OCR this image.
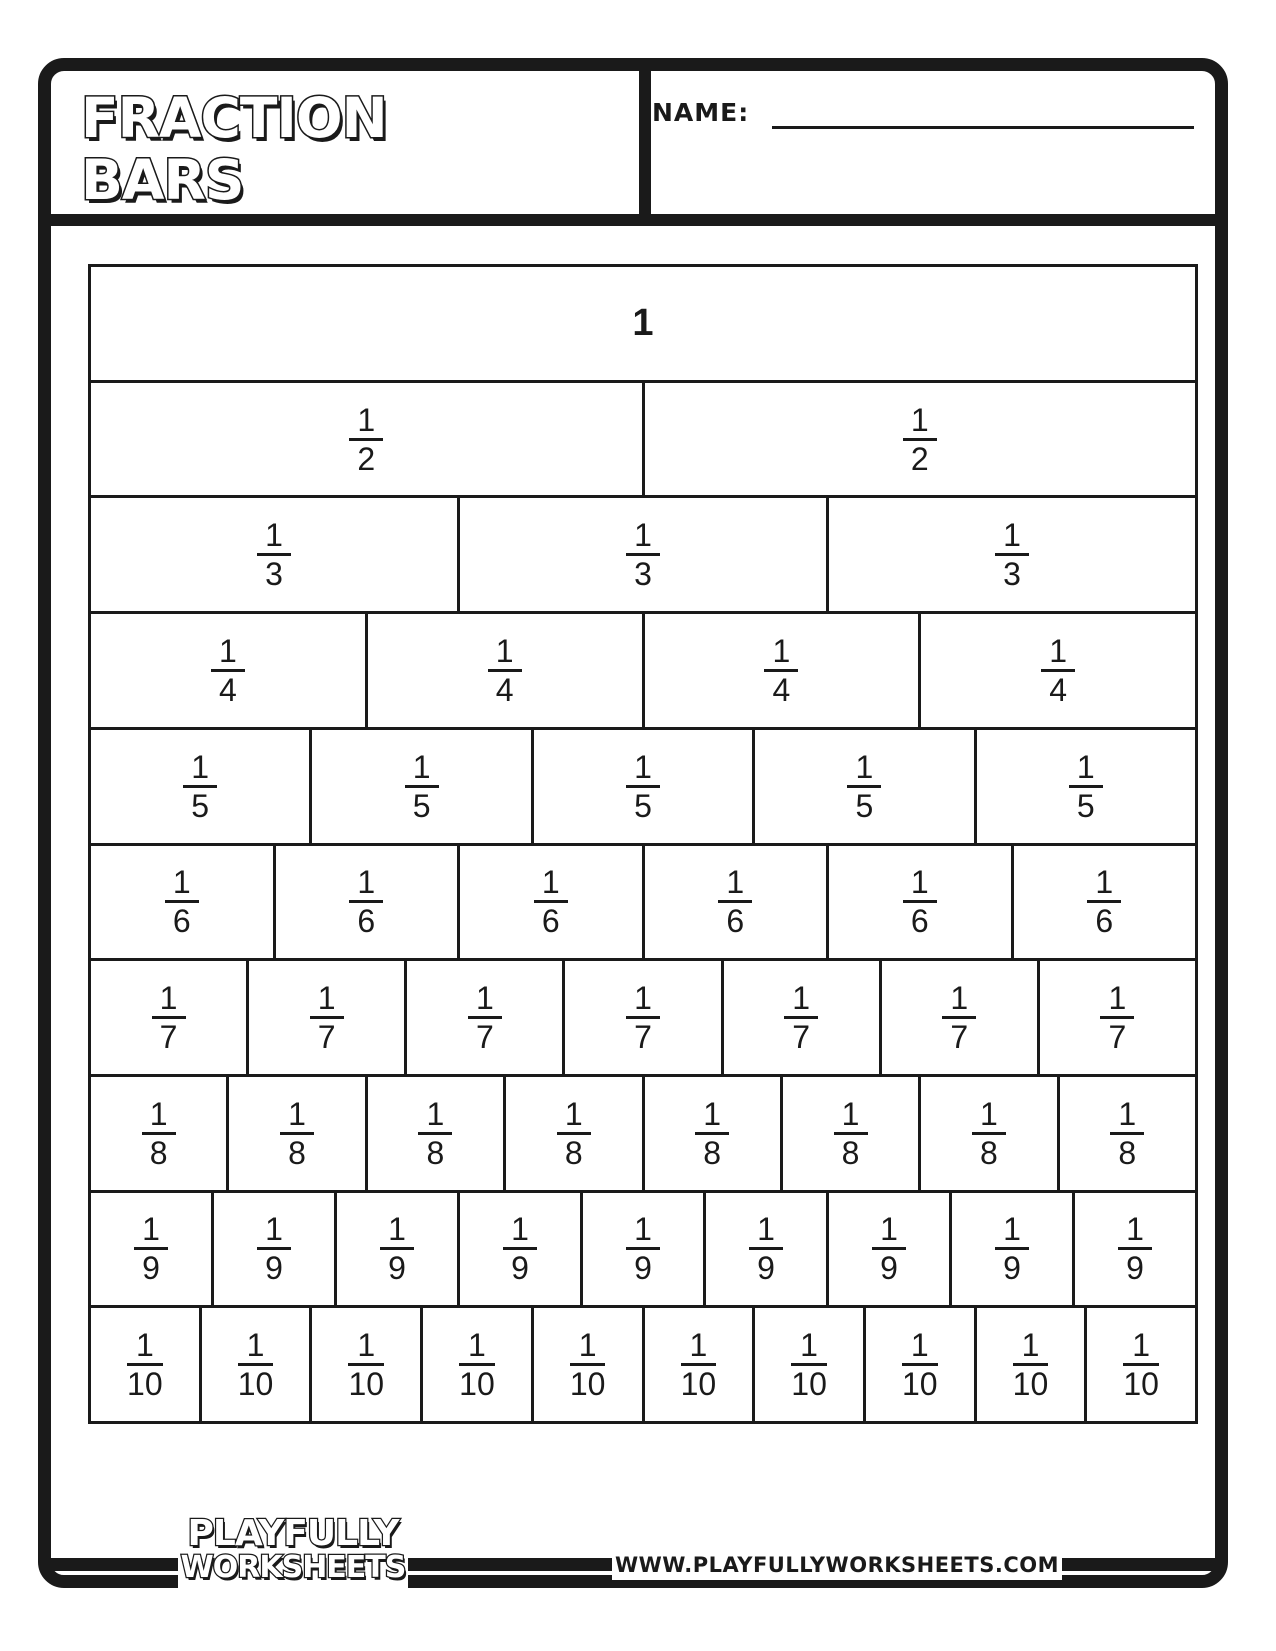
FRACTION
BARS
NAME:
1
$\frac{1}{2}$	$\frac{1}{2}$
$\frac{1}{3}$	$\frac{1}{3}$	$\frac{1}{3}$
$\frac{1}{4}$	$\frac{1}{4}$	$\frac{1}{4}$	$\frac{1}{4}$
$\frac{1}{5}$	$\frac{1}{5}$	$\frac{1}{5}$	$\frac{1}{5}$	$\frac{1}{5}$
$\frac{1}{6}$	$\frac{1}{6}$	$\frac{1}{6}$	$\frac{1}{6}$	$\frac{1}{6}$	$\frac{1}{6}$
$\frac{1}{7}$	$\frac{1}{7}$	$\frac{1}{7}$	$\frac{1}{7}$	$\frac{1}{7}$	$\frac{1}{7}$	$\frac{1}{7}$
$\frac{1}{8}$	$\frac{1}{8}$	$\frac{1}{8}$	$\frac{1}{8}$	$\frac{1}{8}$	$\frac{1}{8}$	$\frac{1}{8}$	$\frac{1}{8}$
$\frac{1}{9}$	$\frac{1}{9}$	$\frac{1}{9}$	$\frac{1}{9}$	$\frac{1}{9}$	$\frac{1}{9}$	$\frac{1}{9}$	$\frac{1}{9}$	$\frac{1}{9}$
$\frac{1}{10} \frac{1}{10} \frac{1}{10} \frac{1}{10} \frac{1}{10} \frac{1}{10} \frac{1}{10} \frac{1}{10} \frac{1}{10} \frac{1}{10}$
PLAYFULLY
WORKSHEETS	WWW.PLAYFULLYWORKSHEETS.COM
